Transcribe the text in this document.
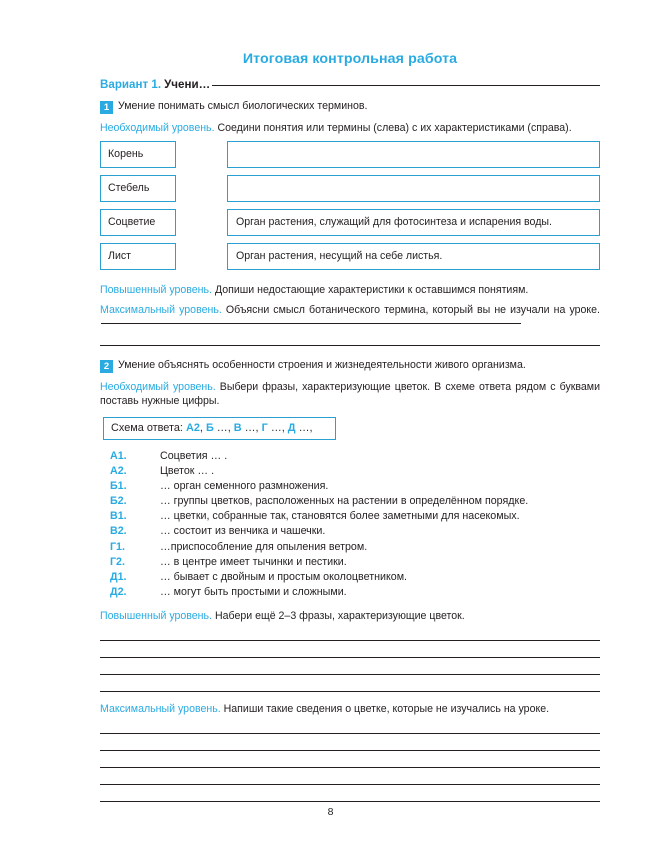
Итоговая контрольная работа
Вариант 1. Учени…
1 Умение понимать смысл биологических терминов.

Необходимый уровень. Соедини понятия или термины (слева) с их характеристиками (справа).

Корень
Стебель
Соцветие	Орган растения, служащий для фотосинтеза и испарения воды.
Лист	Орган растения, несущий на себе листья.

Повышенный уровень. Допиши недостающие характеристики к оставшимся понятиям.

Максимальный уровень. Объясни смысл ботанического термина, который вы не изучали на уроке.

2 Умение объяснять особенности строения и жизнедеятельности живого организма.

Необходимый уровень. Выбери фразы, характеризующие цветок. В схеме ответа рядом с буквами поставь нужные цифры.

Схема ответа: А2, Б …, В …, Г …, Д …,
А1.	Соцветия … .
А2.	Цветок … .
Б1.	… орган семенного размножения.
Б2.	… группы цветков, расположенных на растении в определённом порядке.
В1.	… цветки, собранные так, становятся более заметными для насекомых.
В2.	… состоит из венчика и чашечки.
Г1.	…приспособление для опыления ветром.
Г2.	… в центре имеет тычинки и пестики.
Д1.	… бывает с двойным и простым околоцветником.
Д2.	… могут быть простыми и сложными.

Повышенный уровень. Набери ещё 2–3 фразы, характеризующие цветок.

Максимальный уровень. Напиши такие сведения о цветке, которые не изучались на уроке.

8
